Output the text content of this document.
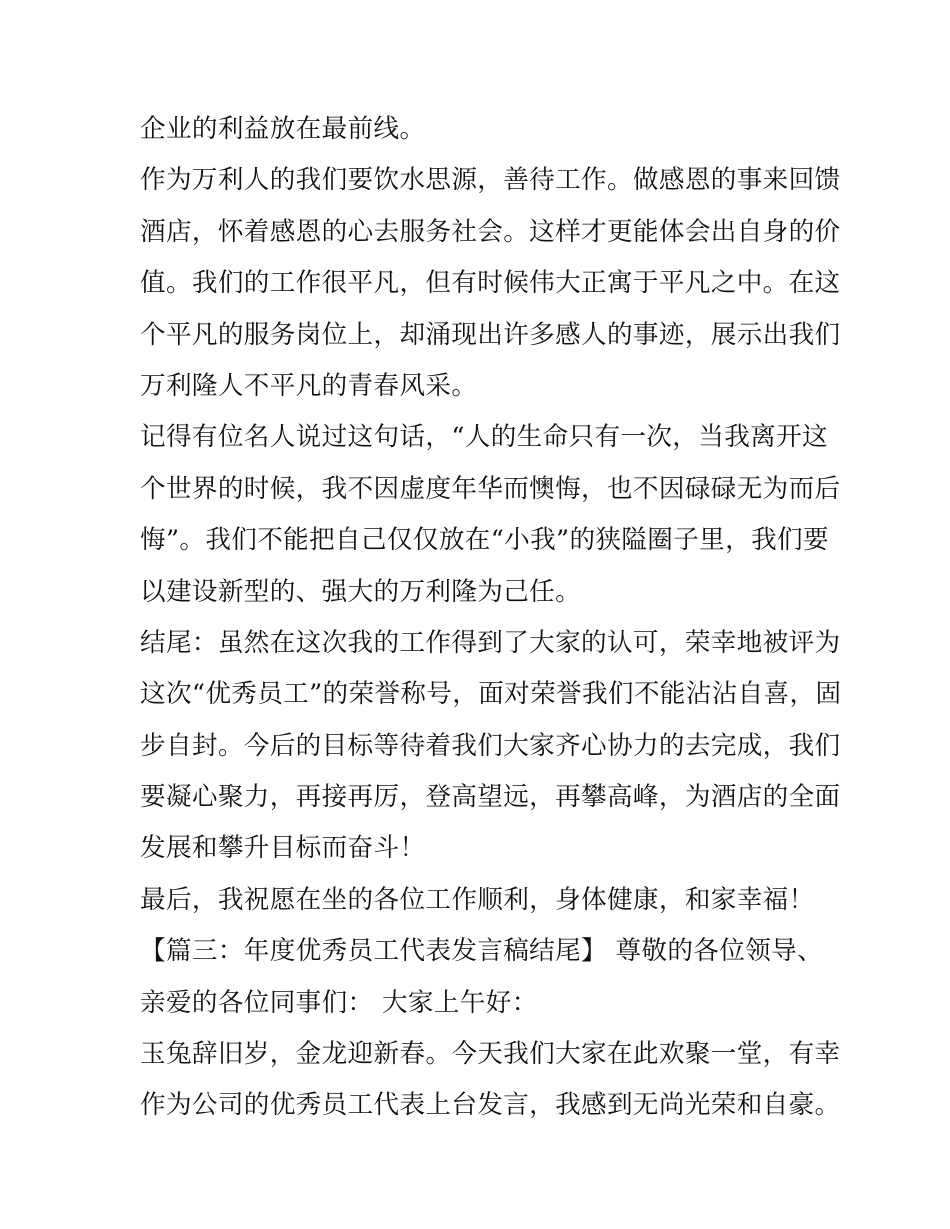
企业的利益放在最前线。
作为万利人的我们要饮水思源，善待工作。做感恩的事来回馈
酒店，怀着感恩的心去服务社会。这样才更能体会出自身的价
值。我们的工作很平凡，但有时候伟大正寓于平凡之中。在这
个平凡的服务岗位上，却涌现出许多感人的事迹，展示出我们
万利隆人不平凡的青春风采。
记得有位名人说过这句话，“人的生命只有一次，当我离开这
个世界的时候，我不因虚度年华而懊悔，也不因碌碌无为而后
悔”。我们不能把自己仅仅放在“小我”的狭隘圈子里，我们要
以建设新型的、强大的万利隆为己任。
结尾：虽然在这次我的工作得到了大家的认可，荣幸地被评为
这次“优秀员工”的荣誉称号，面对荣誉我们不能沾沾自喜，固
步自封。今后的目标等待着我们大家齐心协力的去完成，我们
要凝心聚力，再接再厉，登高望远，再攀高峰，为酒店的全面
发展和攀升目标而奋斗！
最后，我祝愿在坐的各位工作顺利，身体健康，和家幸福！
【篇三：年度优秀员工代表发言稿结尾】 尊敬的各位领导、
亲爱的各位同事们： 大家上午好：
玉兔辞旧岁，金龙迎新春。今天我们大家在此欢聚一堂，有幸
作为公司的优秀员工代表上台发言，我感到无尚光荣和自豪。
